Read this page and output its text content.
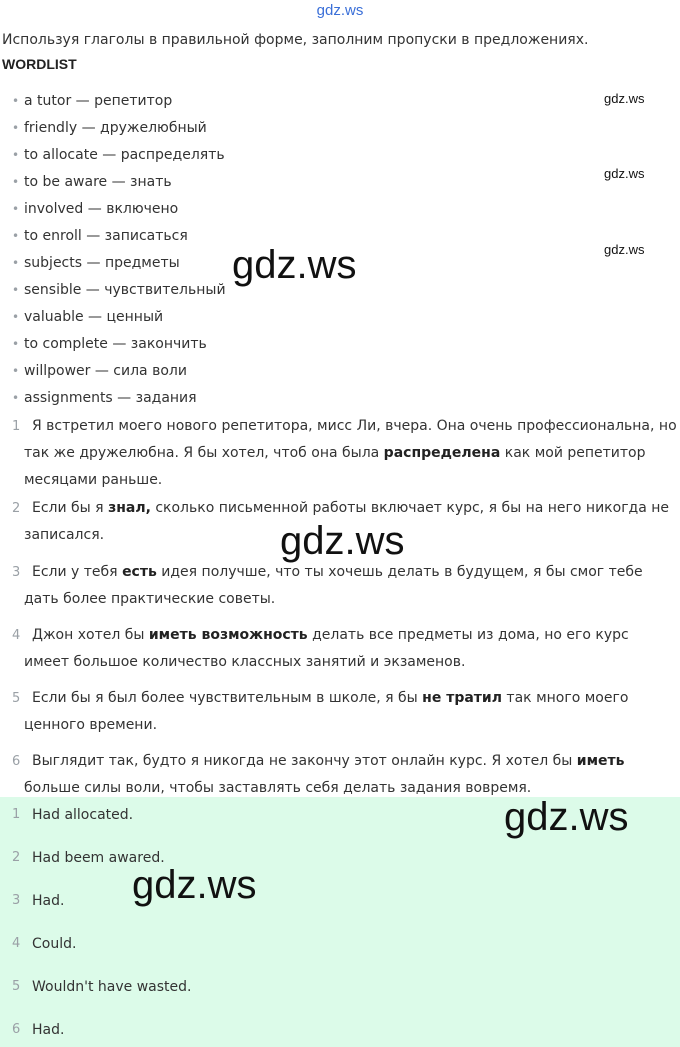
gdz.ws
Используя глаголы в правильной форме, заполним пропуски в предложениях.
WORDLIST
• a tutor — репетитор
• friendly — дружелюбный
• to allocate — распределять
• to be aware — знать
• involved — включено
• to enroll — записаться
• subjects — предметы
• sensible — чувствительный
• valuable — ценный
• to complete — закончить
• willpower — сила воли
• assignments — задания
gdz.ws
gdz.ws
gdz.ws
1 Я встретил моего нового репетитора, мисс Ли, вчера. Она очень профессиональна, но так же дружелюбна. Я бы хотел, чтоб она была распределена как мой репетитор месяцами раньше.
2 Если бы я знал, сколько письменной работы включает курс, я бы на него никогда не записался.
3 Если у тебя есть идея получше, что ты хочешь делать в будущем, я бы смог тебе дать более практические советы.
4 Джон хотел бы иметь возможность делать все предметы из дома, но его курс имеет большое количество классных занятий и экзаменов.
5 Если бы я был более чувствительным в школе, я бы не тратил так много моего ценного времени.
6 Выглядит так, будто я никогда не закончу этот онлайн курс. Я хотел бы иметь больше силы воли, чтобы заставлять себя делать задания вовремя.
1 Had allocated.
2 Had beem awared.
3 Had.
4 Could.
5 Wouldn't have wasted.
6 Had.
gdz.ws
gdz.ws
gdz.ws
gdz.ws
